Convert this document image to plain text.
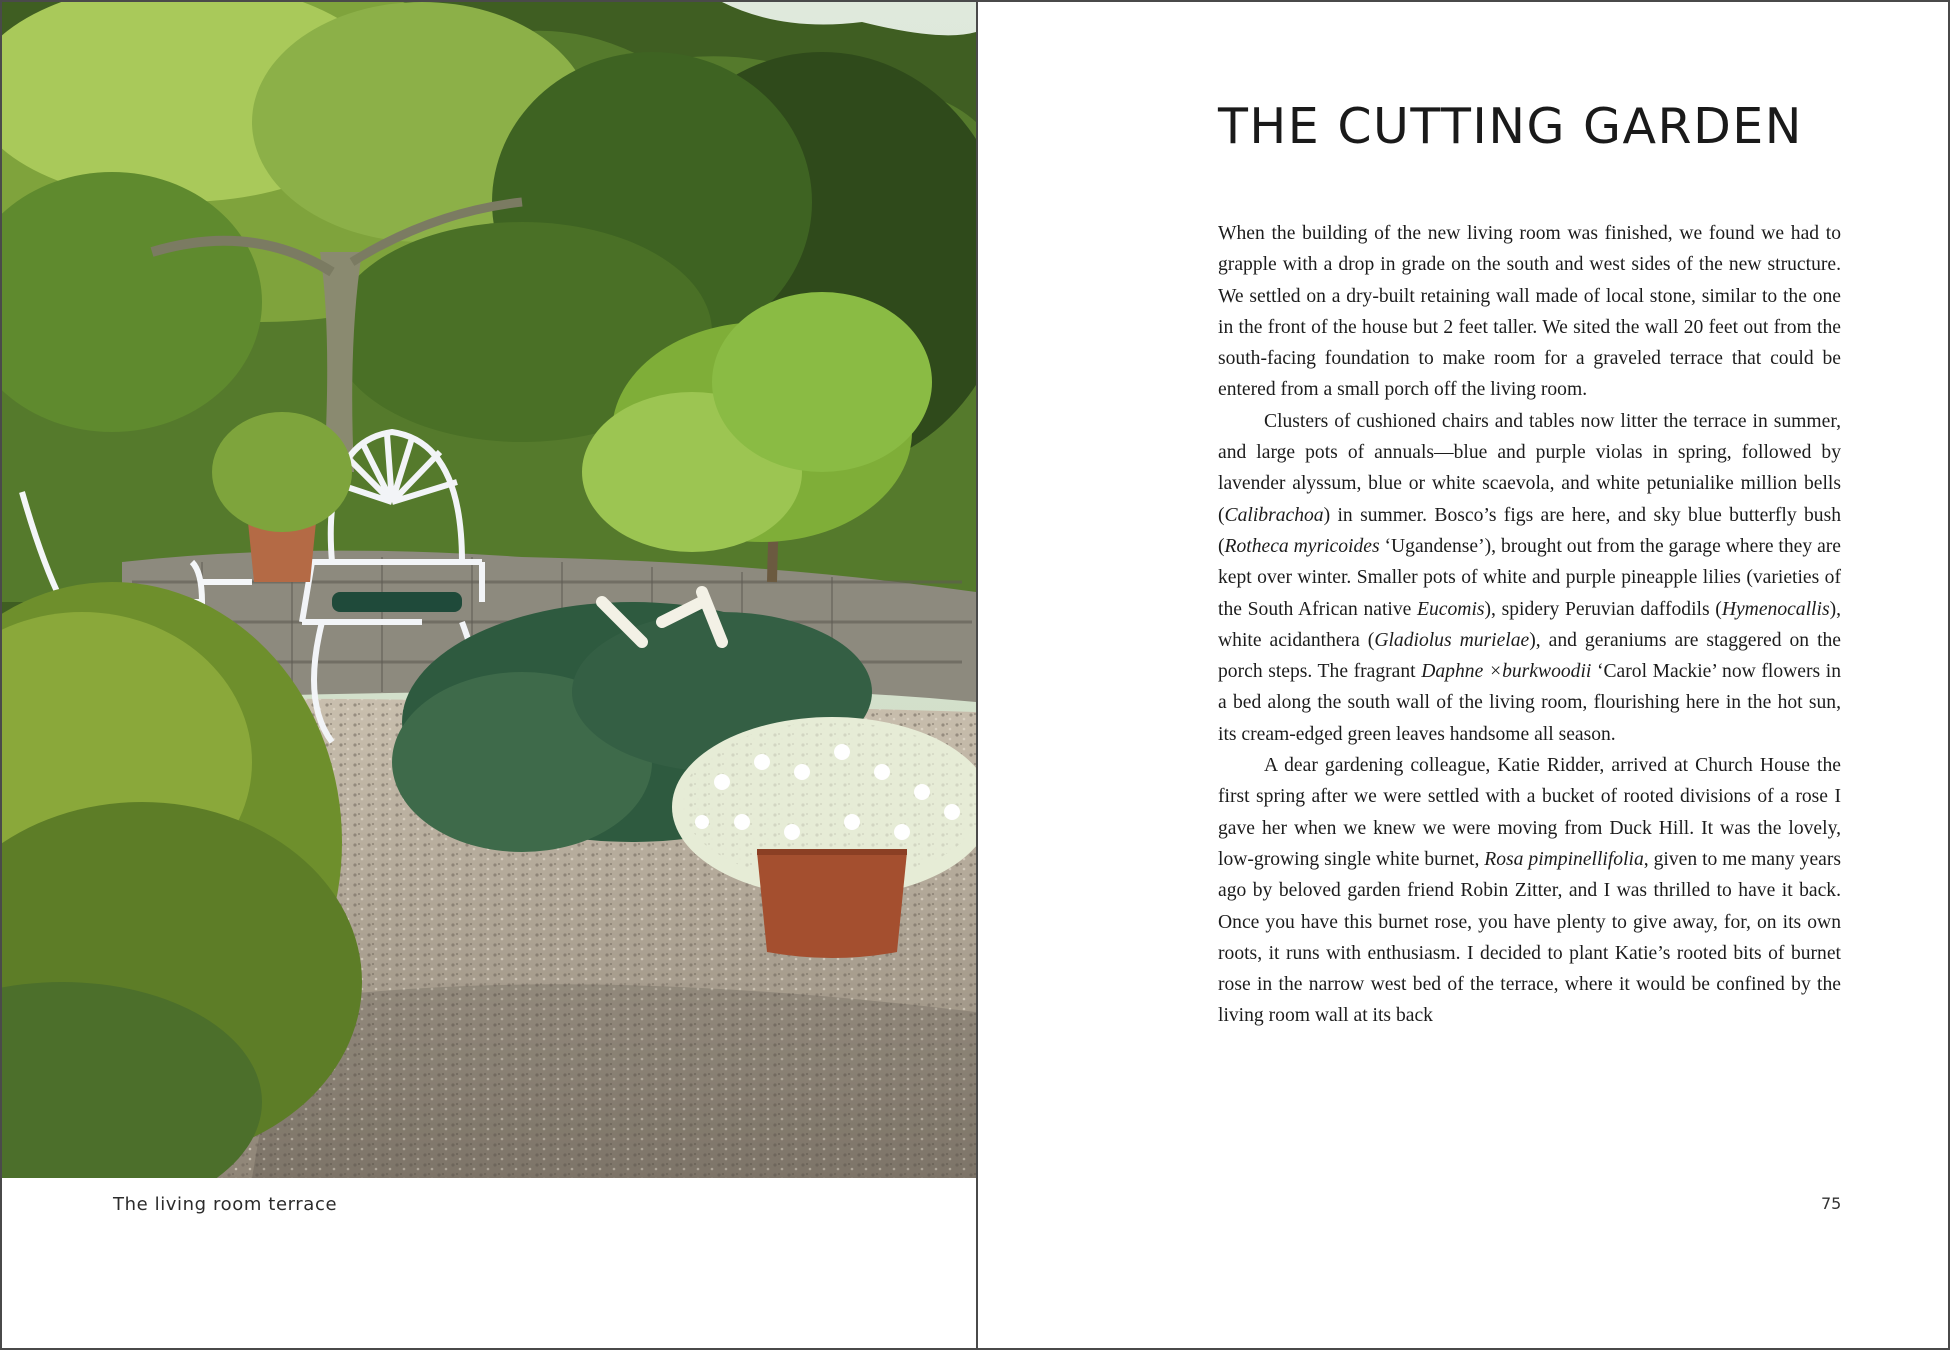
The living room terrace
THE CUTTING GARDEN

When the building of the new living room was finished, we found we had to grapple with a drop in grade on the south and west sides of the new structure. We settled on a dry-built retaining wall made of local stone, similar to the one in the front of the house but 2 feet taller. We sited the wall 20 feet out from the south-facing foundation to make room for a graveled terrace that could be entered from a small porch off the living room.

Clusters of cushioned chairs and tables now litter the terrace in summer, and large pots of annuals—blue and purple violas in spring, followed by lavender alyssum, blue or white scaevola, and white petunialike million bells (Calibrachoa) in summer. Bosco’s figs are here, and sky blue butterfly bush (Rotheca myricoides ‘Ugandense’), brought out from the garage where they are kept over winter. Smaller pots of white and purple pineapple lilies (varieties of the South African native Eucomis), spidery Peruvian daffodils (Hymenocallis), white acidanthera (Gladiolus murielae), and geraniums are staggered on the porch steps. The fragrant Daphne ×burkwoodii ‘Carol Mackie’ now flowers in a bed along the south wall of the living room, flourishing here in the hot sun, its cream-edged green leaves handsome all season.

A dear gardening colleague, Katie Ridder, arrived at Church House the first spring after we were settled with a bucket of rooted divisions of a rose I gave her when we knew we were moving from Duck Hill. It was the lovely, low-growing single white burnet, Rosa pimpinellifolia, given to me many years ago by beloved garden friend Robin Zitter, and I was thrilled to have it back. Once you have this burnet rose, you have plenty to give away, for, on its own roots, it runs with enthusiasm. I decided to plant Katie’s rooted bits of burnet rose in the narrow west bed of the terrace, where it would be confined by the living room wall at its back

75
